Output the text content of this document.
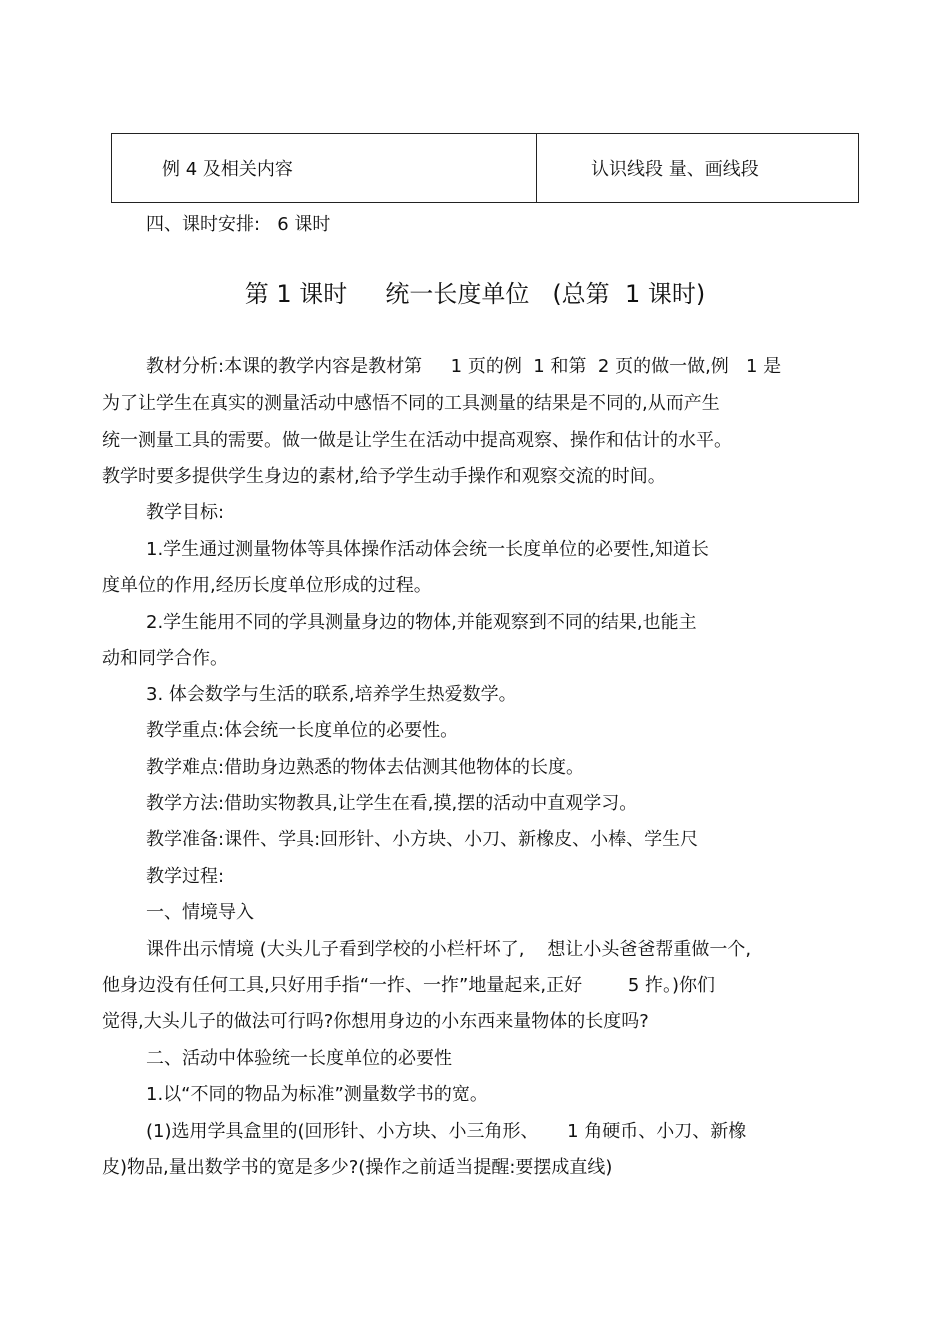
例 4 及相关内容	认识线段 量、画线段
四、课时安排:   6 课时
第 1 课时     统一长度单位   (总第  1 课时)
教材分析:本课的教学内容是教材第     1 页的例  1 和第  2 页的做一做,例   1 是
为了让学生在真实的测量活动中感悟不同的工具测量的结果是不同的,从而产生
统一测量工具的需要。做一做是让学生在活动中提高观察、操作和估计的水平。
教学时要多提供学生身边的素材,给予学生动手操作和观察交流的时间。
教学目标:
1.学生通过测量物体等具体操作活动体会统一长度单位的必要性,知道长
度单位的作用,经历长度单位形成的过程。
2.学生能用不同的学具测量身边的物体,并能观察到不同的结果,也能主
动和同学合作。
3. 体会数学与生活的联系,培养学生热爱数学。
教学重点:体会统一长度单位的必要性。
教学难点:借助身边熟悉的物体去估测其他物体的长度。
教学方法:借助实物教具,让学生在看,摸,摆的活动中直观学习。
教学准备:课件、学具:回形针、小方块、小刀、新橡皮、小棒、学生尺
教学过程:
一、情境导入
课件出示情境 (大头儿子看到学校的小栏杆坏了,    想让小头爸爸帮重做一个,
他身边没有任何工具,只好用手指“一拃、一拃”地量起来,正好        5 拃。)你们
觉得,大头儿子的做法可行吗?你想用身边的小东西来量物体的长度吗?
二、活动中体验统一长度单位的必要性
1.以“不同的物品为标准”测量数学书的宽。
(1)选用学具盒里的(回形针、小方块、小三角形、     1 角硬币、小刀、新橡
皮)物品,量出数学书的宽是多少?(操作之前适当提醒:要摆成直线)
